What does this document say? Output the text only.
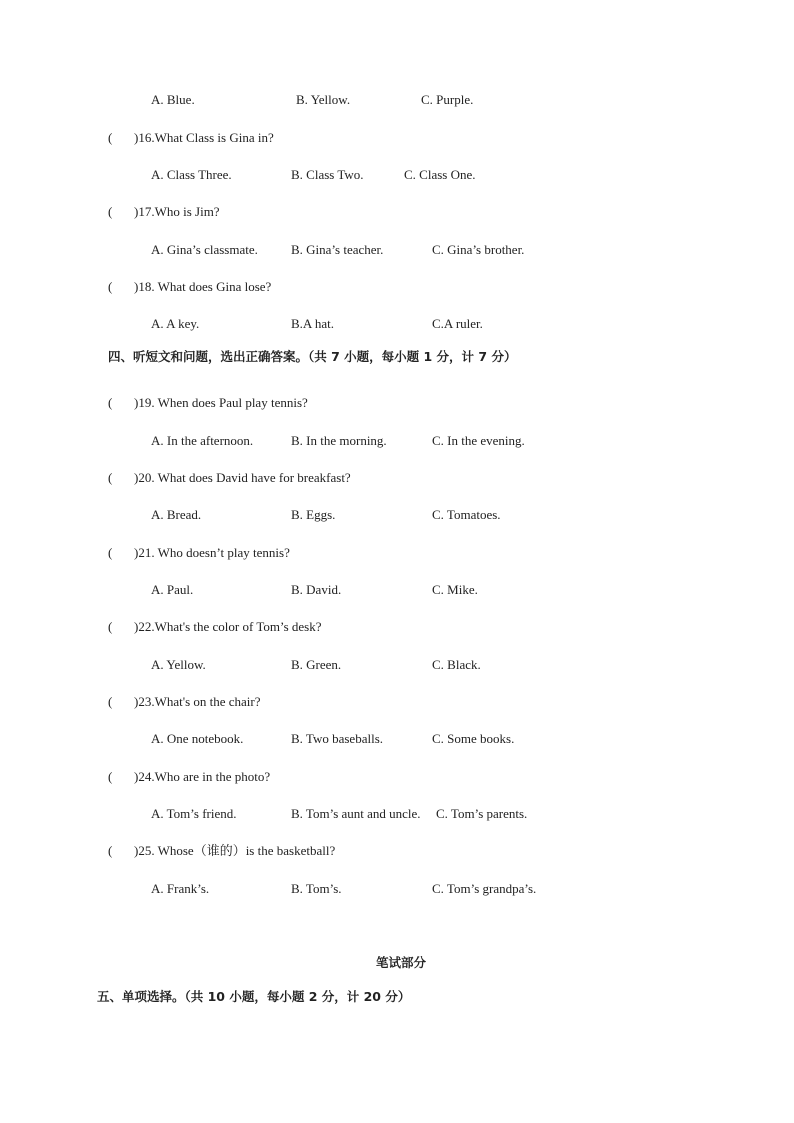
A. Blue.	B. Yellow.	C. Purple.
( )16.What Class is Gina in?
A. Class Three.	B. Class Two.	C. Class One.
( )17.Who is Jim?
A. Gina’s classmate.	B. Gina’s teacher.	C. Gina’s brother.
( )18. What does Gina lose?
A. A key.	B.A hat.	C.A ruler.
四、听短文和问题，选出正确答案。（共 7 小题，每小题 1 分，计 7 分）
( )19. When does Paul play tennis?
A. In the afternoon.	B. In the morning.	C. In the evening.
( )20. What does David have for breakfast?
A. Bread.	B. Eggs.	C. Tomatoes.
( )21. Who doesn’t play tennis?
A. Paul.	B. David.	C. Mike.
( )22.What's the color of Tom’s desk?
A. Yellow.	B. Green.	C. Black.
( )23.What's on the chair?
A. One notebook.	B. Two baseballs.	C. Some books.
( )24.Who are in the photo?
A. Tom’s friend.	B. Tom’s aunt and uncle. C. Tom’s parents.
( )25. Whose（谁的）is the basketball?
A. Frank’s.	B. Tom’s.	C. Tom’s grandpa’s.
笔试部分
五、单项选择。（共 10 小题，每小题 2 分，计 20 分）
